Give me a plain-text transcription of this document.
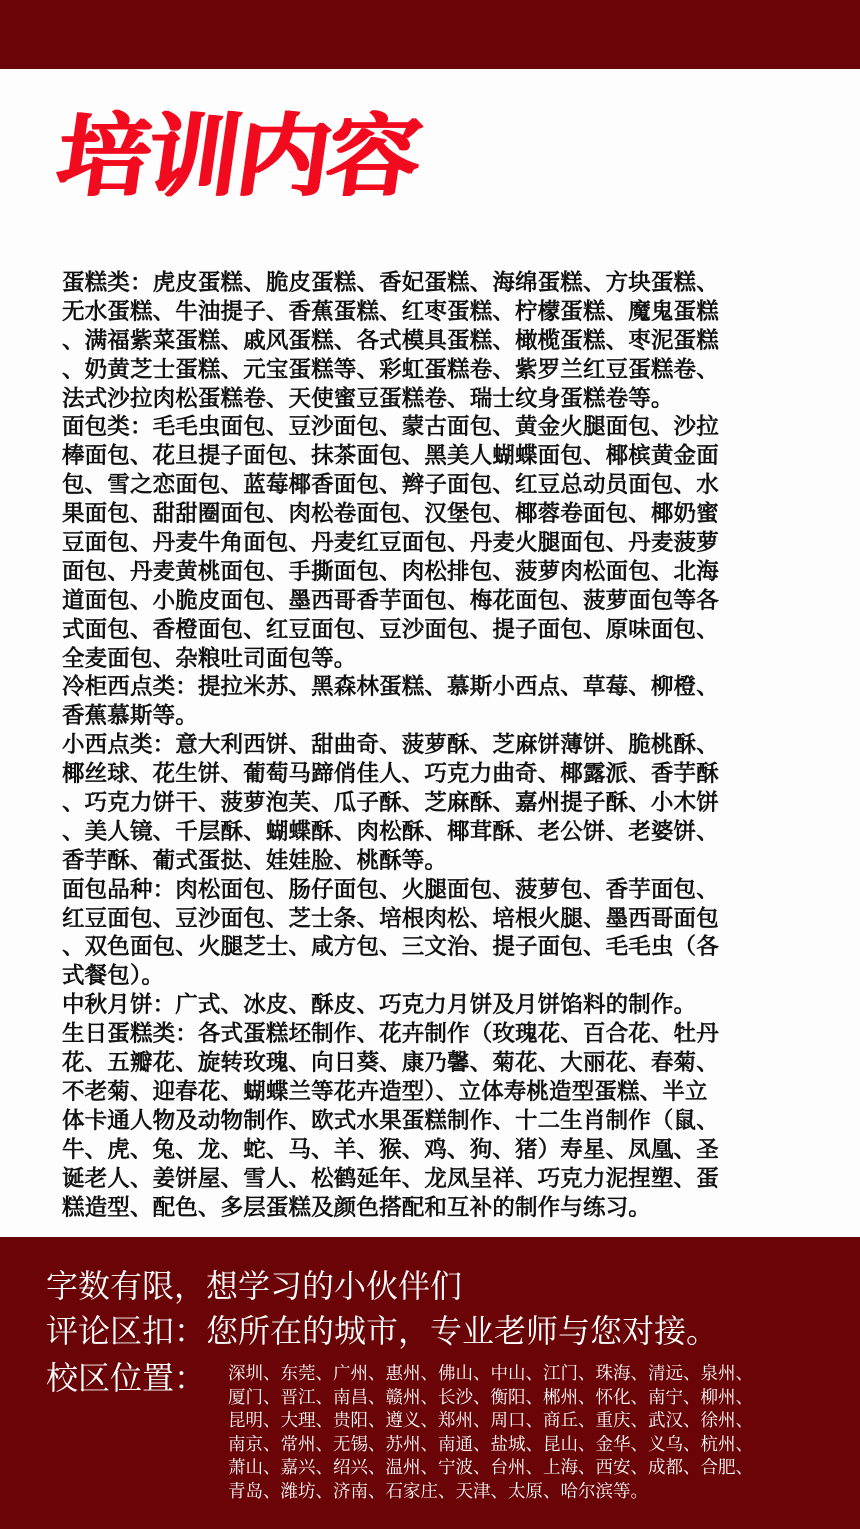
培训内容
蛋糕类：虎皮蛋糕、脆皮蛋糕、香妃蛋糕、海绵蛋糕、方块蛋糕、
无水蛋糕、牛油提子、香蕉蛋糕、红枣蛋糕、柠檬蛋糕、魔鬼蛋糕
、满福紫菜蛋糕、戚风蛋糕、各式模具蛋糕、橄榄蛋糕、枣泥蛋糕
、奶黄芝士蛋糕、元宝蛋糕等、彩虹蛋糕卷、紫罗兰红豆蛋糕卷、
法式沙拉肉松蛋糕卷、天使蜜豆蛋糕卷、瑞士纹身蛋糕卷等。
面包类：毛毛虫面包、豆沙面包、蒙古面包、黄金火腿面包、沙拉
棒面包、花旦提子面包、抹茶面包、黑美人蝴蝶面包、椰槟黄金面
包、雪之恋面包、蓝莓椰香面包、辫子面包、红豆总动员面包、水
果面包、甜甜圈面包、肉松卷面包、汉堡包、椰蓉卷面包、椰奶蜜
豆面包、丹麦牛角面包、丹麦红豆面包、丹麦火腿面包、丹麦菠萝
面包、丹麦黄桃面包、手撕面包、肉松排包、菠萝肉松面包、北海
道面包、小脆皮面包、墨西哥香芋面包、梅花面包、菠萝面包等各
式面包、香橙面包、红豆面包、豆沙面包、提子面包、原味面包、
全麦面包、杂粮吐司面包等。
冷柜西点类：提拉米苏、黑森林蛋糕、慕斯小西点、草莓、柳橙、
香蕉慕斯等。
小西点类：意大利西饼、甜曲奇、菠萝酥、芝麻饼薄饼、脆桃酥、
椰丝球、花生饼、葡萄马蹄俏佳人、巧克力曲奇、椰露派、香芋酥
、巧克力饼干、菠萝泡芙、瓜子酥、芝麻酥、嘉州提子酥、小木饼
、美人镜、千层酥、蝴蝶酥、肉松酥、椰茸酥、老公饼、老婆饼、
香芋酥、葡式蛋挞、娃娃脸、桃酥等。
面包品种：肉松面包、肠仔面包、火腿面包、菠萝包、香芋面包、
红豆面包、豆沙面包、芝士条、培根肉松、培根火腿、墨西哥面包
、双色面包、火腿芝士、咸方包、三文治、提子面包、毛毛虫（各
式餐包）。
中秋月饼：广式、冰皮、酥皮、巧克力月饼及月饼馅料的制作。
生日蛋糕类：各式蛋糕坯制作、花卉制作（玫瑰花、百合花、牡丹
花、五瓣花、旋转玫瑰、向日葵、康乃馨、菊花、大丽花、春菊、
不老菊、迎春花、蝴蝶兰等花卉造型）、立体寿桃造型蛋糕、半立
体卡通人物及动物制作、欧式水果蛋糕制作、十二生肖制作（鼠、
牛、虎、兔、龙、蛇、马、羊、猴、鸡、狗、猪）寿星、凤凰、圣
诞老人、姜饼屋、雪人、松鹤延年、龙凤呈祥、巧克力泥捏塑、蛋
糕造型、配色、多层蛋糕及颜色搭配和互补的制作与练习。
字数有限，想学习的小伙伴们
评论区扣：您所在的城市，专业老师与您对接。
校区位置： 深圳、东莞、广州、惠州、佛山、中山、江门、珠海、清远、泉州、
厦门、晋江、南昌、赣州、长沙、衡阳、郴州、怀化、南宁、柳州、
昆明、大理、贵阳、遵义、郑州、周口、商丘、重庆、武汉、徐州、
南京、常州、无锡、苏州、南通、盐城、昆山、金华、义乌、杭州、
萧山、嘉兴、绍兴、温州、宁波、台州、上海、西安、成都、合肥、
青岛、潍坊、济南、石家庄、天津、太原、哈尔滨等。
